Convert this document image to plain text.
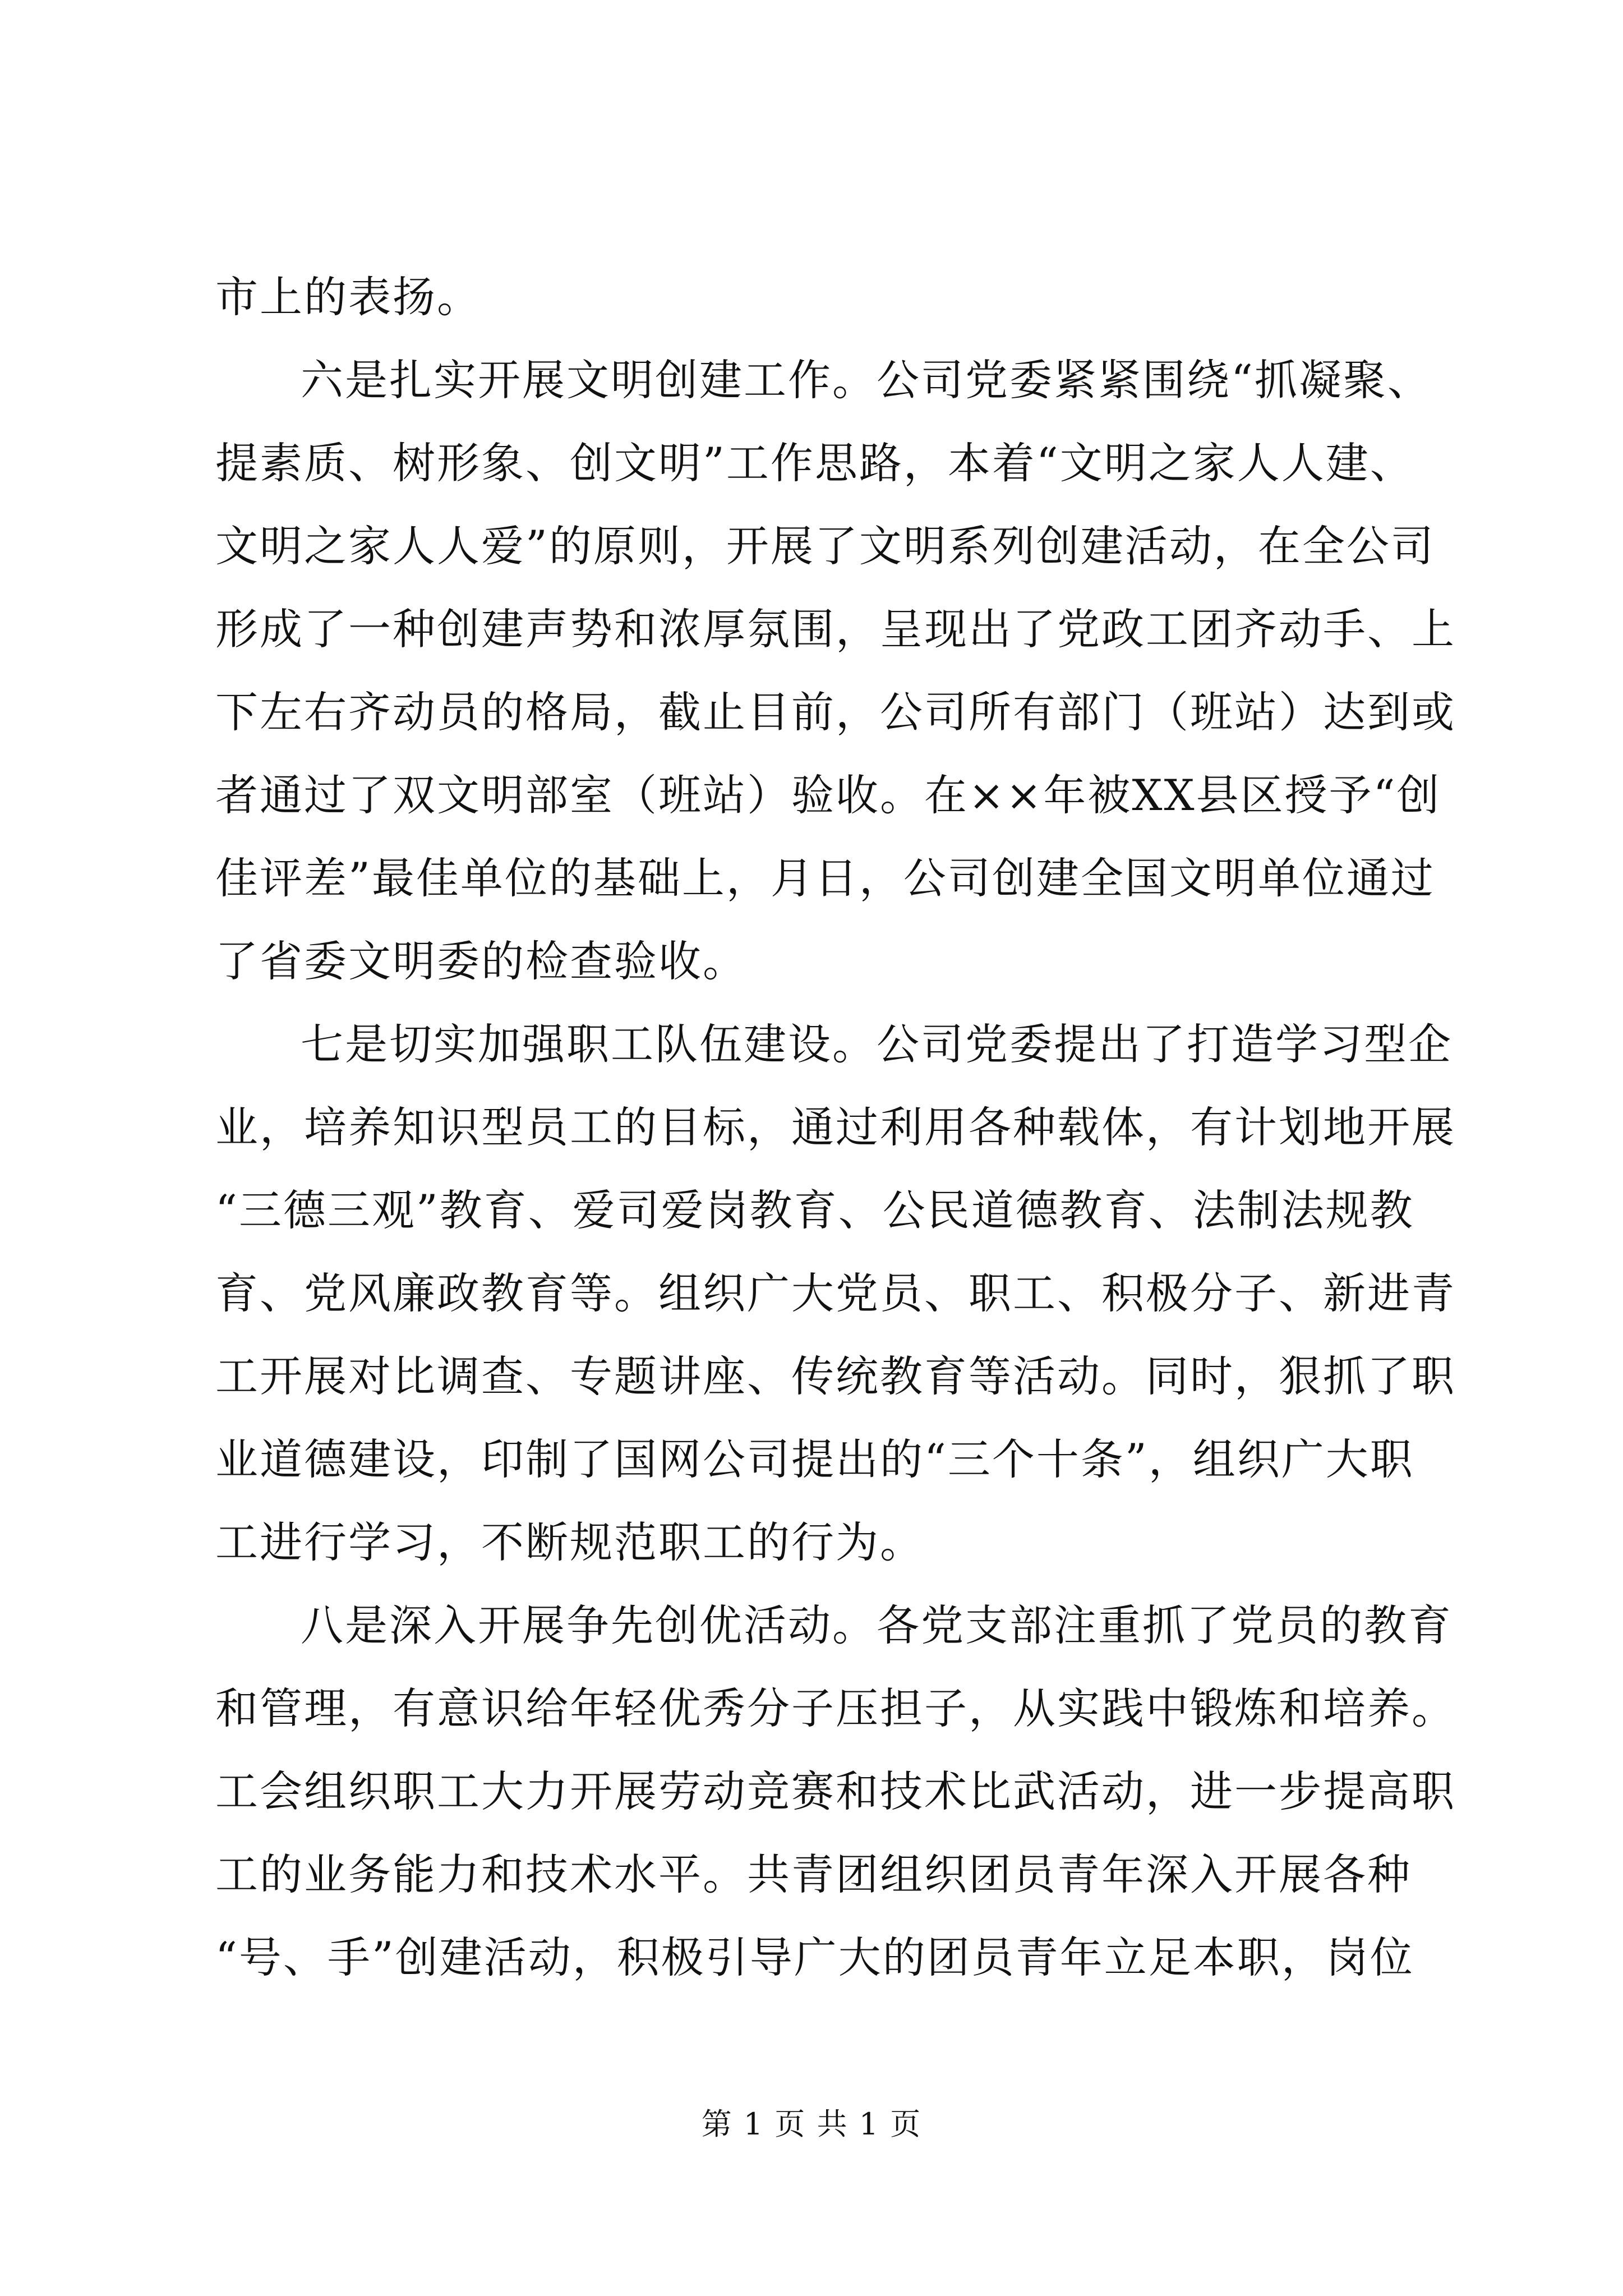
市上的表扬。
六是扎实开展文明创建工作。公司党委紧紧围绕“抓凝聚、
提素质、树形象、创文明”工作思路，本着“文明之家人人建、
文明之家人人爱”的原则，开展了文明系列创建活动，在全公司
形成了一种创建声势和浓厚氛围，呈现出了党政工团齐动手、上
下左右齐动员的格局，截止目前，公司所有部门（班站）达到或
者通过了双文明部室（班站）验收。在××年被XX县区授予“创
佳评差”最佳单位的基础上，月日，公司创建全国文明单位通过
了省委文明委的检查验收。
七是切实加强职工队伍建设。公司党委提出了打造学习型企
业，培养知识型员工的目标，通过利用各种载体，有计划地开展
“三德三观”教育、爱司爱岗教育、公民道德教育、法制法规教
育、党风廉政教育等。组织广大党员、职工、积极分子、新进青
工开展对比调查、专题讲座、传统教育等活动。同时，狠抓了职
业道德建设，印制了国网公司提出的“三个十条”，组织广大职
工进行学习，不断规范职工的行为。
八是深入开展争先创优活动。各党支部注重抓了党员的教育
和管理，有意识给年轻优秀分子压担子，从实践中锻炼和培养。
工会组织职工大力开展劳动竞赛和技术比武活动，进一步提高职
工的业务能力和技术水平。共青团组织团员青年深入开展各种
“号、手”创建活动，积极引导广大的团员青年立足本职，岗位
第 1 页 共 1 页
